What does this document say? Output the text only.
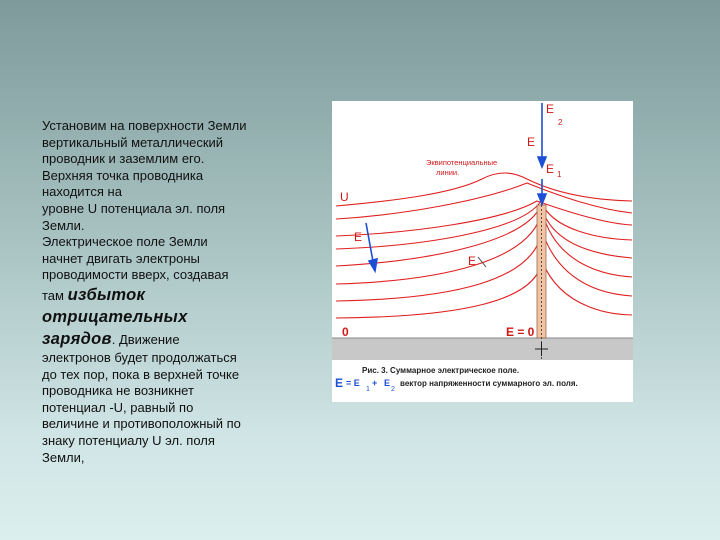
Установим на поверхности Земли
вертикальный металлический
проводник и заземлим его.
Верхняя точка проводника
находится на
уровне U потенциала эл. поля
Земли.
Электрическое поле Земли
начнет двигать электроны
проводимости вверх, создавая
там избыток
отрицательных
зарядов. Движение
электронов будет продолжаться
до тех пор, пока в верхней точке
проводника не возникнет
потенциал -U, равный по
величине и противоположный по
знаку потенциалу U эл. поля
Земли,
Эквипотенциальные
линии.
U
E
E
E
E
2
E 1
0	E = 0
Рис. 3. Суммарное электрическое поле.
E = E
1
+ E
2
вектор напряженности суммарного эл. поля.
